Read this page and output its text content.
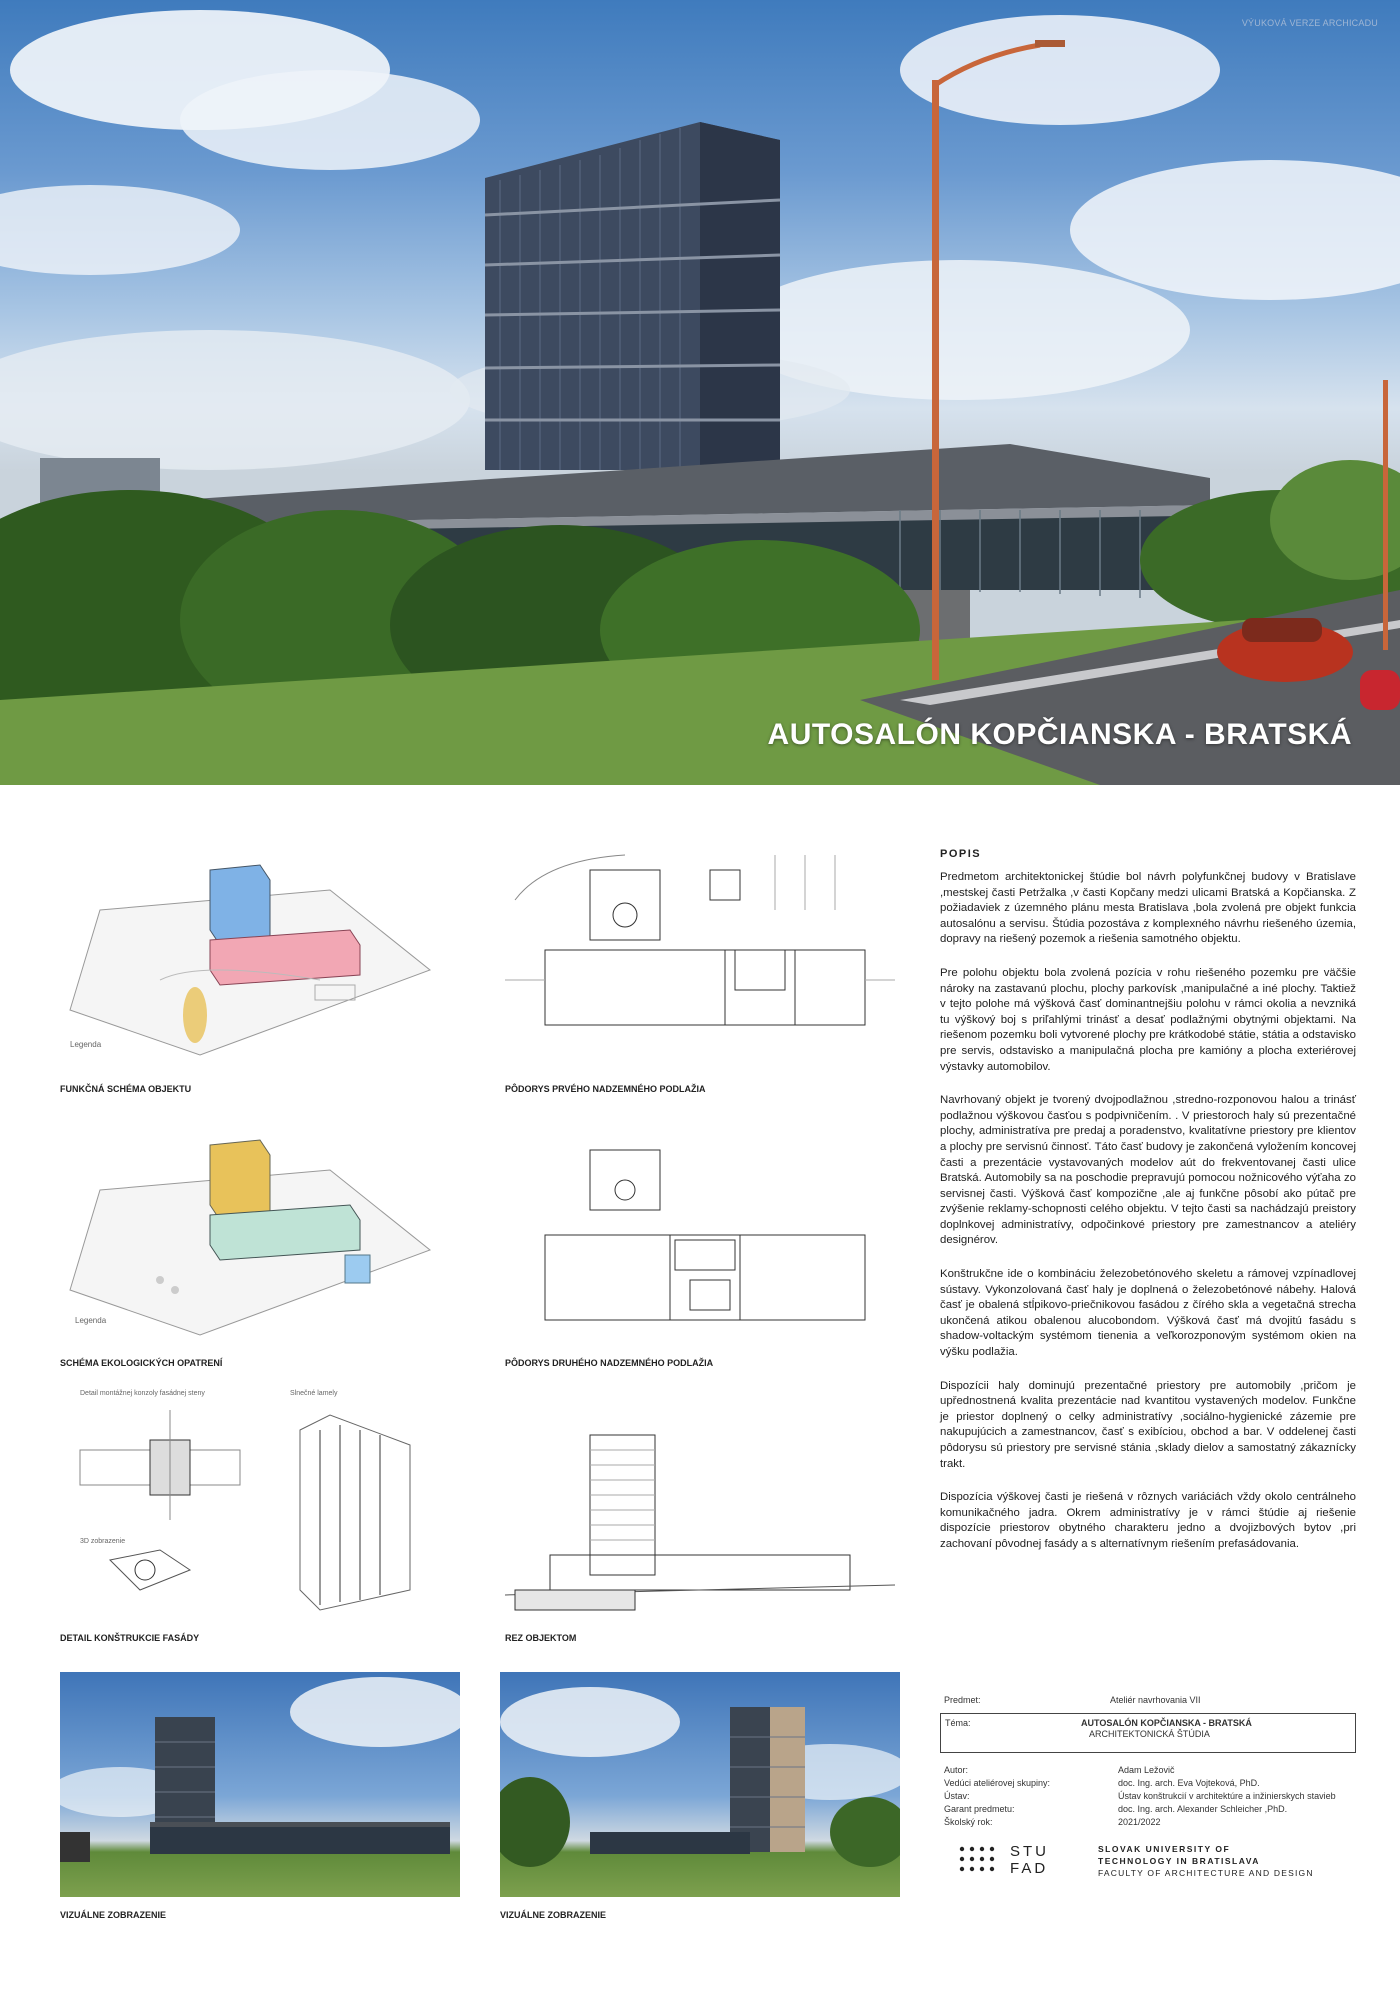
VÝUKOVÁ VERZE ARCHICADU
AUTOSALÓN KOPČIANSKA - BRATSKÁ
Legenda
FUNKČNÁ SCHÉMA OBJEKTU	PÔDORYS PRVÉHO NADZEMNÉHO PODLAŽIA
Legenda
SCHÉMA EKOLOGICKÝCH OPATRENÍ	PÔDORYS DRUHÉHO NADZEMNÉHO PODLAŽIA
Detail montážnej konzoly fasádnej steny	Slnečné lamely
3D zobrazenie
DETAIL KONŠTRUKCIE FASÁDY	REZ OBJEKTOM
POPIS

Predmetom architektonickej štúdie bol návrh polyfunkčnej budovy v Bratislave ,mestskej časti Petržalka ,v časti Kopčany medzi ulicami Bratská a Kopčianska. Z požiadaviek z územného plánu mesta Bratislava ,bola zvolená pre objekt funkcia autosalónu a servisu. Štúdia pozostáva z komplexného návrhu riešeného územia, dopravy na riešený pozemok a riešenia samotného objektu.

Pre polohu objektu bola zvolená pozícia v rohu riešeného pozemku pre väčšie nároky na zastavanú plochu, plochy parkovísk ,manipulačné a iné plochy. Taktiež v tejto polohe má výšková časť dominantnejšiu polohu v rámci okolia a nevzniká tu výškový boj s priľahlými trinásť a desať podlažnými obytnými objektami. Na riešenom pozemku boli vytvorené plochy pre krátkodobé státie, státia a odstavisko pre servis, odstavisko a manipulačná plocha pre kamióny a plocha exteriérovej výstavky automobilov.

Navrhovaný objekt je tvorený dvojpodlažnou ,stredno-rozponovou halou a trinásť podlažnou výškovou časťou s podpivničením. . V priestoroch haly sú prezentačné plochy, administratíva pre predaj a poradenstvo, kvalitatívne priestory pre klientov a plochy pre servisnú činnosť. Táto časť budovy je zakončená vyložením koncovej časti a prezentácie vystavovaných modelov aút do frekventovanej časti ulice Bratská. Automobily sa na poschodie prepravujú pomocou nožnicového výťaha zo servisnej časti. Výšková časť kompozične ,ale aj funkčne pôsobí ako pútač pre zvýšenie reklamy-schopnosti celého objektu. V tejto časti sa nachádzajú preistory doplnkovej administratívy, odpočinkové priestory pre zamestnancov a ateliéry designérov.

Konštrukčne ide o kombináciu železobetónového skeletu a rámovej vzpínadlovej sústavy. Vykonzolovaná časť haly je doplnená o železobetónové nábehy. Halová časť je obalená stĺpikovo-priečnikovou fasádou z čírého skla a vegetačná strecha ukončená atikou obalenou alucobondom. Výšková časť má dvojitú fasádu s shadow-voltackým systémom tienenia a veľkorozponovým systémom okien na výšku podlažia.

Dispozícii haly dominujú prezentačné priestory pre automobily ,pričom je upřednostnená kvalita prezentácie nad kvantitou vystavených modelov. Funkčne je priestor doplnený o celky administratívy ,sociálno-hygienické zázemie pre nakupujúcich a zamestnancov, časť s exibíciou, obchod a bar. V oddelenej časti pôdorysu sú priestory pre servisné stánia ,sklady dielov a samostatný zákaznícky trakt.

Dispozícia výškovej časti je riešená v rôznych variáciách vždy okolo centrálneho komunikačného jadra. Okrem administratívy je v rámci štúdie aj riešenie dispozície priestorov obytného charakteru jedno a dvojizbových bytov ,pri zachovaní pôvodnej fasády a s alternatívnym riešením prefasádovania.

VIZUÁLNE ZOBRAZENIE	VIZUÁLNE ZOBRAZENIE
Predmet:	Ateliér navrhovania VII
Téma:	AUTOSALÓN KOPČIANSKA - BRATSKÁ
ARCHITEKTONICKÁ ŠTÚDIA
Autor:	Adam Ležovič
Vedúci ateliérovej skupiny:	doc. Ing. arch. Eva Vojteková, PhD.
Ústav:	Ústav konštrukcií v architektúre a inžinierskych stavieb
Garant predmetu:	doc. Ing. arch. Alexander Schleicher ,PhD.
Školský rok:	2021/2022
STU
FAD
SLOVAK UNIVERSITY OF
TECHNOLOGY IN BRATISLAVA
FACULTY OF ARCHITECTURE AND DESIGN
